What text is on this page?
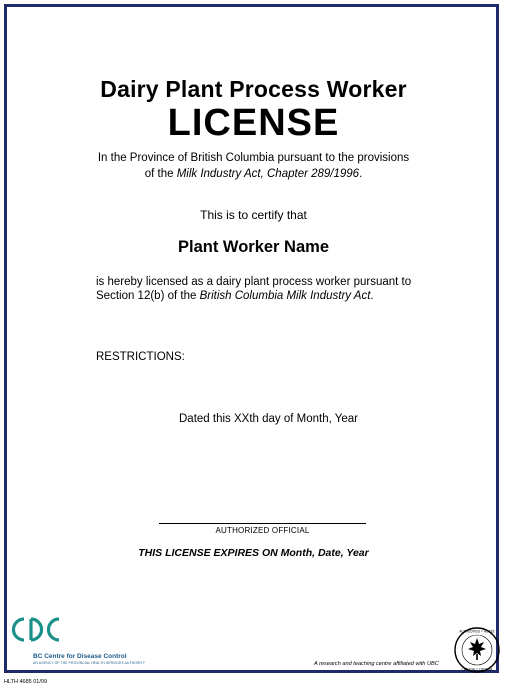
Dairy Plant Process Worker
LICENSE
In the Province of British Columbia pursuant to the provisions
of the Milk Industry Act, Chapter 289/1996.
This is to certify that
Plant Worker Name
is hereby licensed as a dairy plant process worker pursuant to
Section 12(b) of the British Columbia Milk Industry Act.
RESTRICTIONS:
Dated this XXth day of Month, Year
AUTHORIZED OFFICIAL
THIS LICENSE EXPIRES ON Month, Date, Year
BC Centre for Disease Control
AN AGENCY OF THE PROVINCIAL HEALTH SERVICES AUTHORITY	A research and teaching centre affiliated with UBC
ACCREDITED • AGRÉÉ
CANADA • CANADA
HLTH 4685 01/09
